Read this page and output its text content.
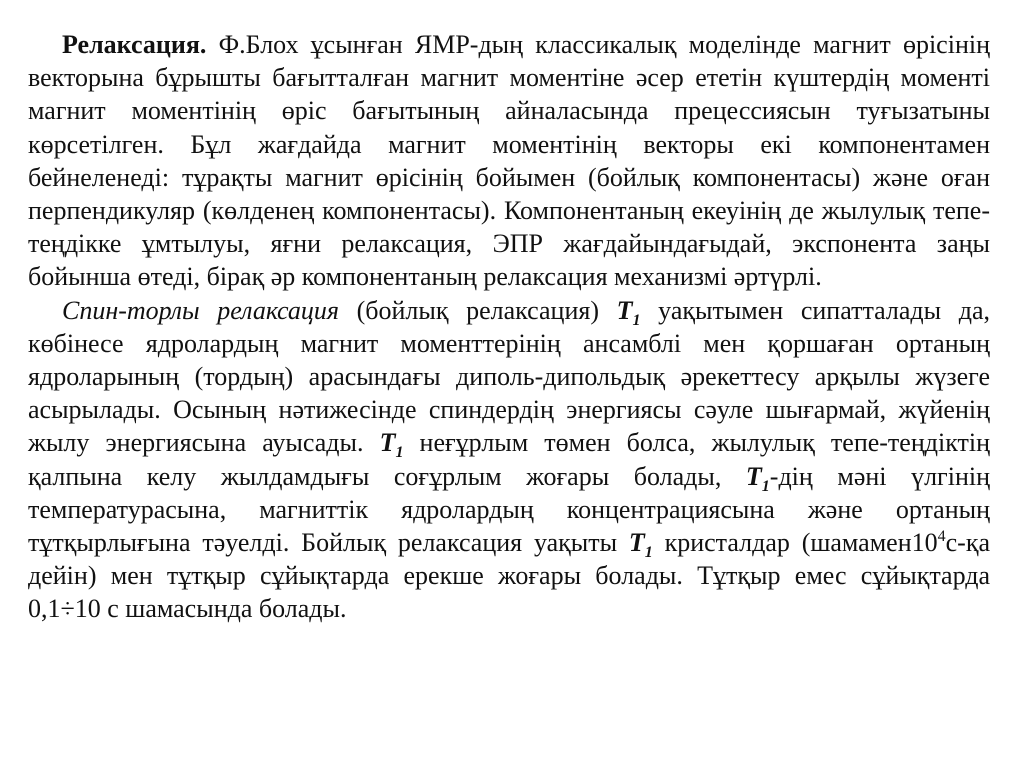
Релаксация. Ф.Блох ұсынған ЯМР-дың классикалық моделінде магнит өрісінің векторына бұрышты бағытталған магнит моментіне әсер ететін күштердің моменті магнит моментінің өріс бағытының айналасында прецессиясын туғызатыны көрсетілген. Бұл жағдайда магнит моментінің векторы екі компонентамен бейнеленеді: тұрақты магнит өрісінің бойымен (бойлық компонентасы) және оған перпендикуляр (көлденең компонентасы). Компонентаның екеуінің де жылулық тепе-теңдікке ұмтылуы, яғни релаксация, ЭПР жағдайындағыдай, экспонента заңы бойынша өтеді, бірақ әр компонентаның релаксация механизмі әртүрлі.

Спин-торлы релаксация (бойлық релаксация) $T_1$ уақытымен сипатталады да, көбінесе ядролардың магнит моменттерінің ансамблі мен қоршаған ортаның ядроларының (тордың) арасындағы диполь-дипольдық әрекеттесу арқылы жүзеге асырылады. Осының нәтижесінде спиндердің энергиясы сәуле шығармай, жүйенің жылу энергиясына ауысады. $T_1$ неғұрлым төмен болса, жылулық тепе-теңдіктің қалпына келу жылдамдығы соғұрлым жоғары болады, $T_1$-дің мәні үлгінің температурасына, магниттік ядролардың концентрациясына және ортаның тұтқырлығына тәуелді. Бойлық релаксация уақыты $T_1$ кристалдар ($шамамен10^4с-қа$ дейін) мен тұтқыр сұйықтарда ерекше жоғары болады. Тұтқыр емес сұйықтарда 0,1÷10 с шамасында болады.
